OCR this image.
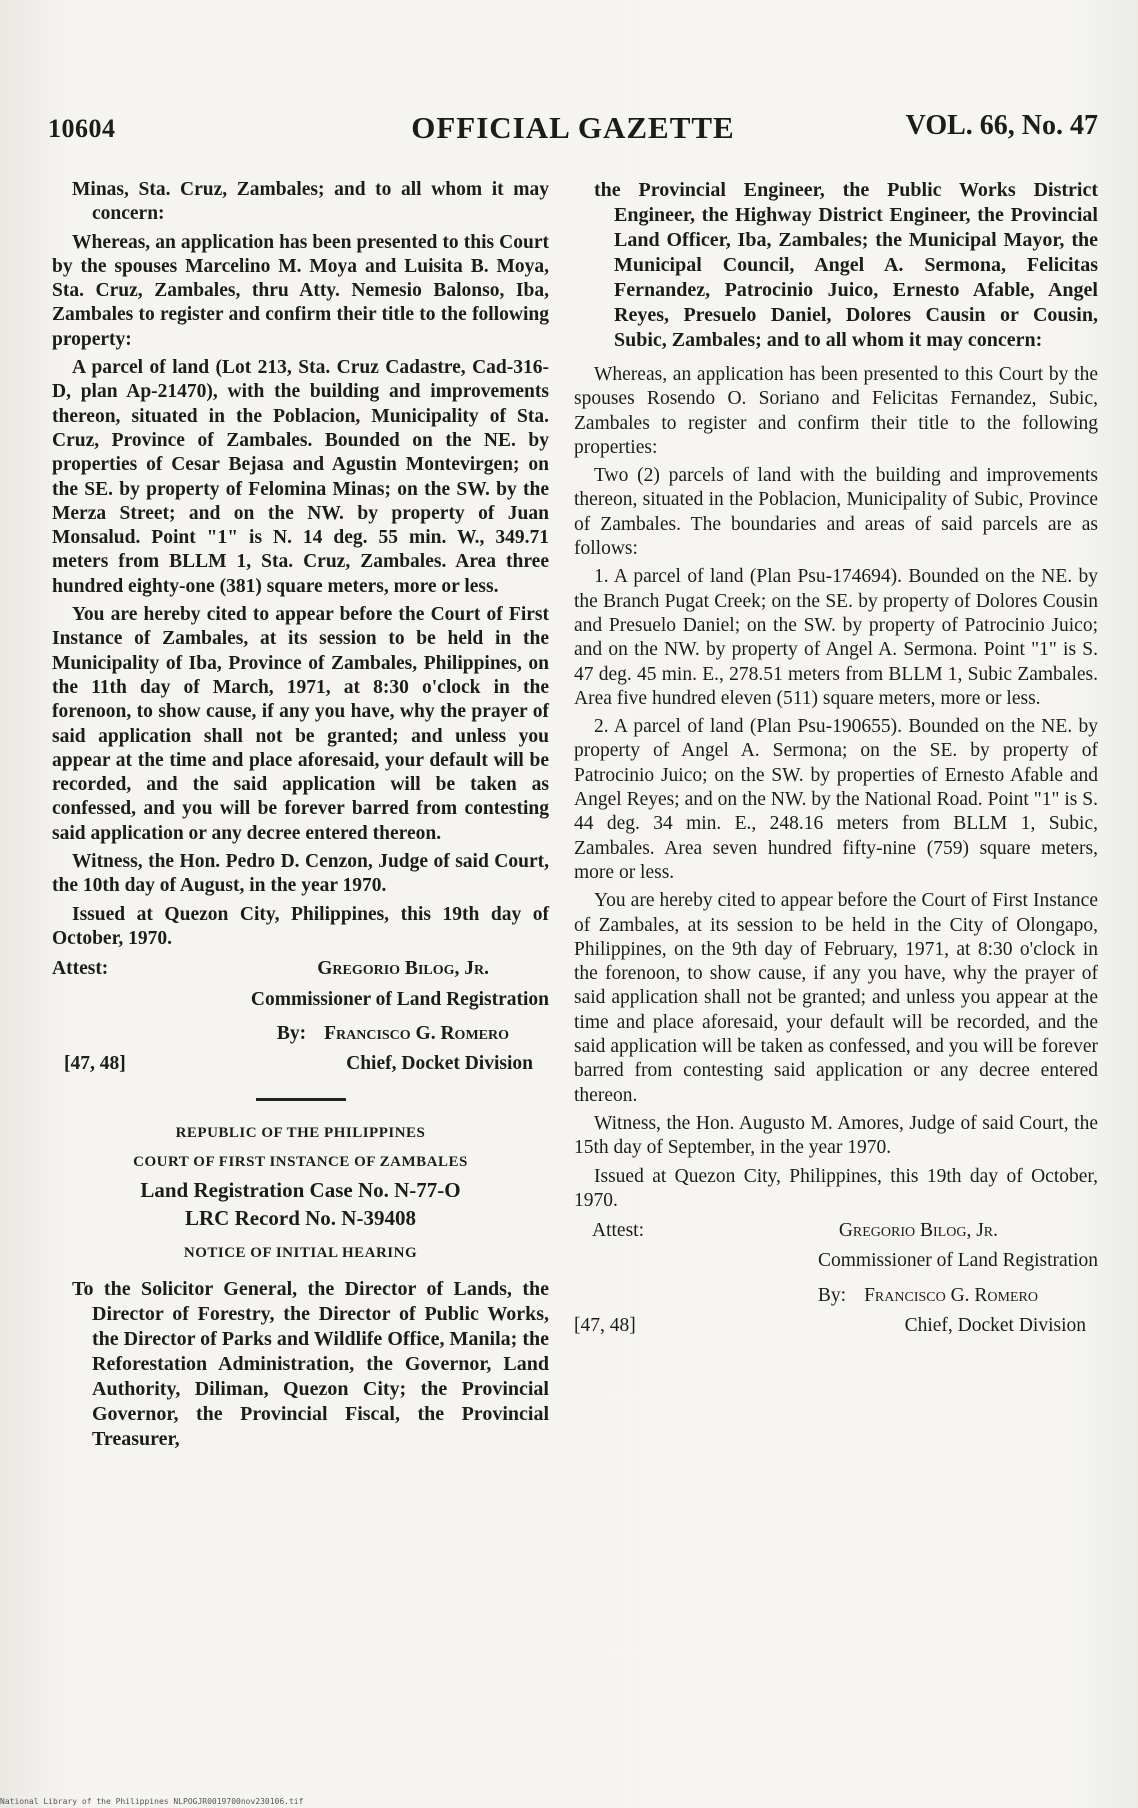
10604	OFFICIAL GAZETTE	VOL. 66, No. 47

Minas, Sta. Cruz, Zambales; and to all whom it may concern:

Whereas, an application has been presented to this Court by the spouses Marcelino M. Moya and Luisita B. Moya, Sta. Cruz, Zambales, thru Atty. Nemesio Balonso, Iba, Zambales to register and confirm their title to the following property:

A parcel of land (Lot 213, Sta. Cruz Cadastre, Cad-316-D, plan Ap-21470), with the building and improvements thereon, situated in the Poblacion, Municipality of Sta. Cruz, Province of Zambales. Bounded on the NE. by properties of Cesar Bejasa and Agustin Montevirgen; on the SE. by property of Felomina Minas; on the SW. by the Merza Street; and on the NW. by property of Juan Monsalud. Point "1" is N. 14 deg. 55 min. W., 349.71 meters from BLLM 1, Sta. Cruz, Zambales. Area three hundred eighty-one (381) square meters, more or less.

You are hereby cited to appear before the Court of First Instance of Zambales, at its session to be held in the Municipality of Iba, Province of Zambales, Philippines, on the 11th day of March, 1971, at 8:30 o'clock in the forenoon, to show cause, if any you have, why the prayer of said application shall not be granted; and unless you appear at the time and place aforesaid, your default will be recorded, and the said application will be taken as confessed, and you will be forever barred from contesting said application or any decree entered thereon.

Witness, the Hon. Pedro D. Cenzon, Judge of said Court, the 10th day of August, in the year 1970.

Issued at Quezon City, Philippines, this 19th day of October, 1970.

Attest:	Gregorio Bilog, Jr.
Commissioner of Land Registration
By: Francisco G. Romero
[47, 48]	Chief, Docket Division

REPUBLIC OF THE PHILIPPINES

COURT OF FIRST INSTANCE OF ZAMBALES

Land Registration Case No. N-77-O

LRC Record No. N-39408

NOTICE OF INITIAL HEARING

To the Solicitor General, the Director of Lands, the Director of Forestry, the Director of Public Works, the Director of Parks and Wildlife Office, Manila; the Reforestation Administration, the Governor, Land Authority, Diliman, Quezon City; the Provincial Governor, the Provincial Fiscal, the Provincial Treasurer,

the Provincial Engineer, the Public Works District Engineer, the Highway District Engineer, the Provincial Land Officer, Iba, Zambales; the Municipal Mayor, the Municipal Council, Angel A. Sermona, Felicitas Fernandez, Patrocinio Juico, Ernesto Afable, Angel Reyes, Presuelo Daniel, Dolores Causin or Cousin, Subic, Zambales; and to all whom it may concern:

Whereas, an application has been presented to this Court by the spouses Rosendo O. Soriano and Felicitas Fernandez, Subic, Zambales to register and confirm their title to the following properties:

Two (2) parcels of land with the building and improvements thereon, situated in the Poblacion, Municipality of Subic, Province of Zambales. The boundaries and areas of said parcels are as follows:

1. A parcel of land (Plan Psu-174694). Bounded on the NE. by the Branch Pugat Creek; on the SE. by property of Dolores Cousin and Presuelo Daniel; on the SW. by property of Patrocinio Juico; and on the NW. by property of Angel A. Sermona. Point "1" is S. 47 deg. 45 min. E., 278.51 meters from BLLM 1, Subic Zambales. Area five hundred eleven (511) square meters, more or less.

2. A parcel of land (Plan Psu-190655). Bounded on the NE. by property of Angel A. Sermona; on the SE. by property of Patrocinio Juico; on the SW. by properties of Ernesto Afable and Angel Reyes; and on the NW. by the National Road. Point "1" is S. 44 deg. 34 min. E., 248.16 meters from BLLM 1, Subic, Zambales. Area seven hundred fifty-nine (759) square meters, more or less.

You are hereby cited to appear before the Court of First Instance of Zambales, at its session to be held in the City of Olongapo, Philippines, on the 9th day of February, 1971, at 8:30 o'clock in the forenoon, to show cause, if any you have, why the prayer of said application shall not be granted; and unless you appear at the time and place aforesaid, your default will be recorded, and the said application will be taken as confessed, and you will be forever barred from contesting said application or any decree entered thereon.

Witness, the Hon. Augusto M. Amores, Judge of said Court, the 15th day of September, in the year 1970.

Issued at Quezon City, Philippines, this 19th day of October, 1970.

Attest:	Gregorio Bilog, Jr.
Commissioner of Land Registration
By: Francisco G. Romero
[47, 48]	Chief, Docket Division
National Library of the Philippines NLPOGJR0019700nov230106.tif
